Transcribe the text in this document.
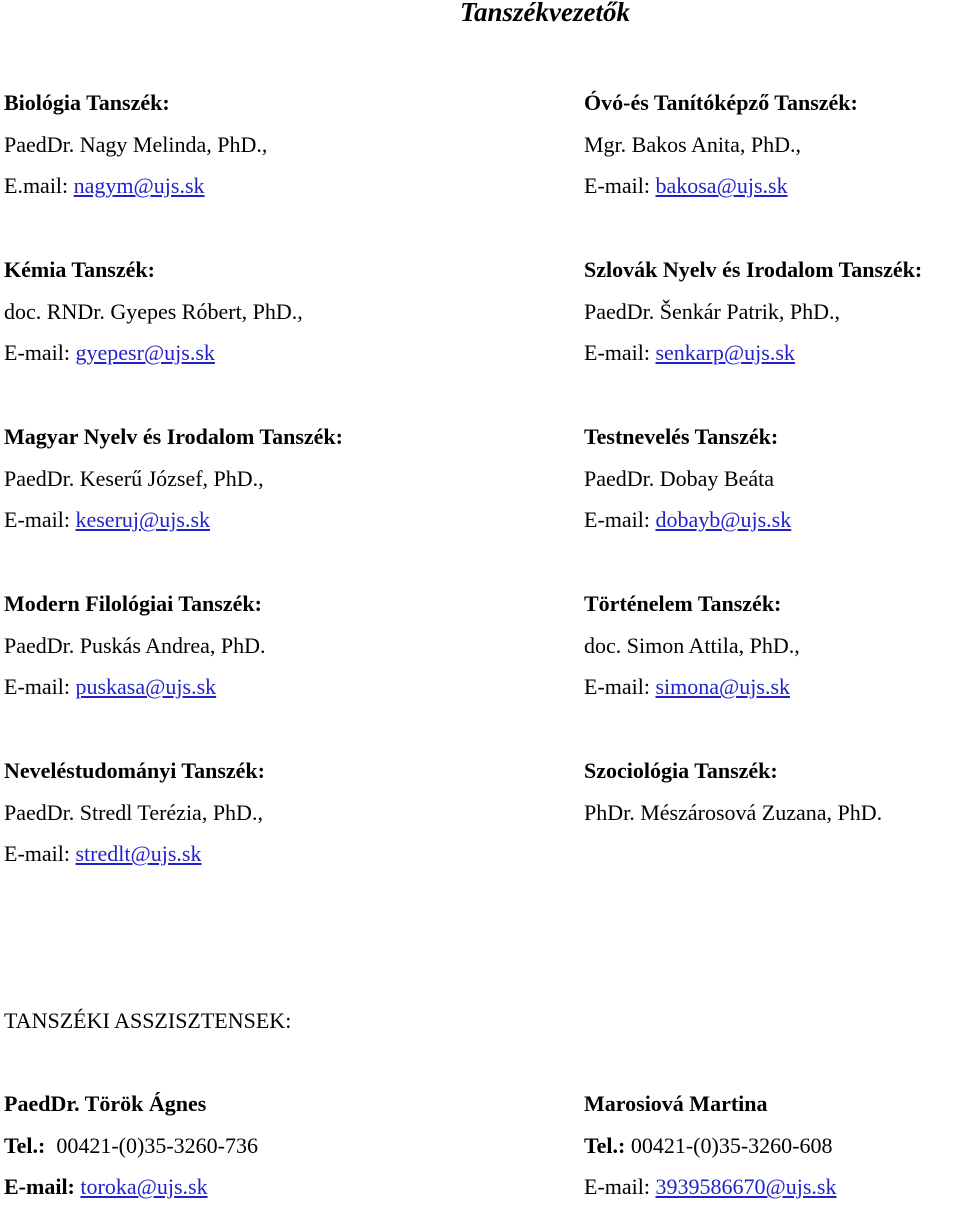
Tanszékvezetők
Biológia Tanszék:
PaedDr. Nagy Melinda, PhD.,
E.mail: nagym@ujs.sk
Kémia Tanszék:
doc. RNDr. Gyepes Róbert, PhD.,
E-mail: gyepesr@ujs.sk
Magyar Nyelv és Irodalom Tanszék:
PaedDr. Keserű József, PhD.,
E-mail: keseruj@ujs.sk
Modern Filológiai Tanszék:
PaedDr. Puskás Andrea, PhD.
E-mail: puskasa@ujs.sk
Neveléstudományi Tanszék:
PaedDr. Stredl Terézia, PhD.,
E-mail: stredlt@ujs.sk
Óvó-és Tanítóképző Tanszék:
Mgr. Bakos Anita, PhD.,
E-mail: bakosa@ujs.sk
Szlovák Nyelv és Irodalom Tanszék:
PaedDr. Šenkár Patrik, PhD.,
E-mail: senkarp@ujs.sk
Testnevelés Tanszék:
PaedDr. Dobay Beáta
E-mail: dobayb@ujs.sk
Történelem Tanszék:
doc. Simon Attila, PhD.,
E-mail: simona@ujs.sk
Szociológia Tanszék:
PhDr. Mészárosová Zuzana, PhD.
TANSZÉKI ASSZISZTENSEK:
PaedDr. Török Ágnes
Tel.: 00421-(0)35-3260-736
E-mail: toroka@ujs.sk
Marosiová Martina
Tel.: 00421-(0)35-3260-608
E-mail: 3939586670@ujs.sk
